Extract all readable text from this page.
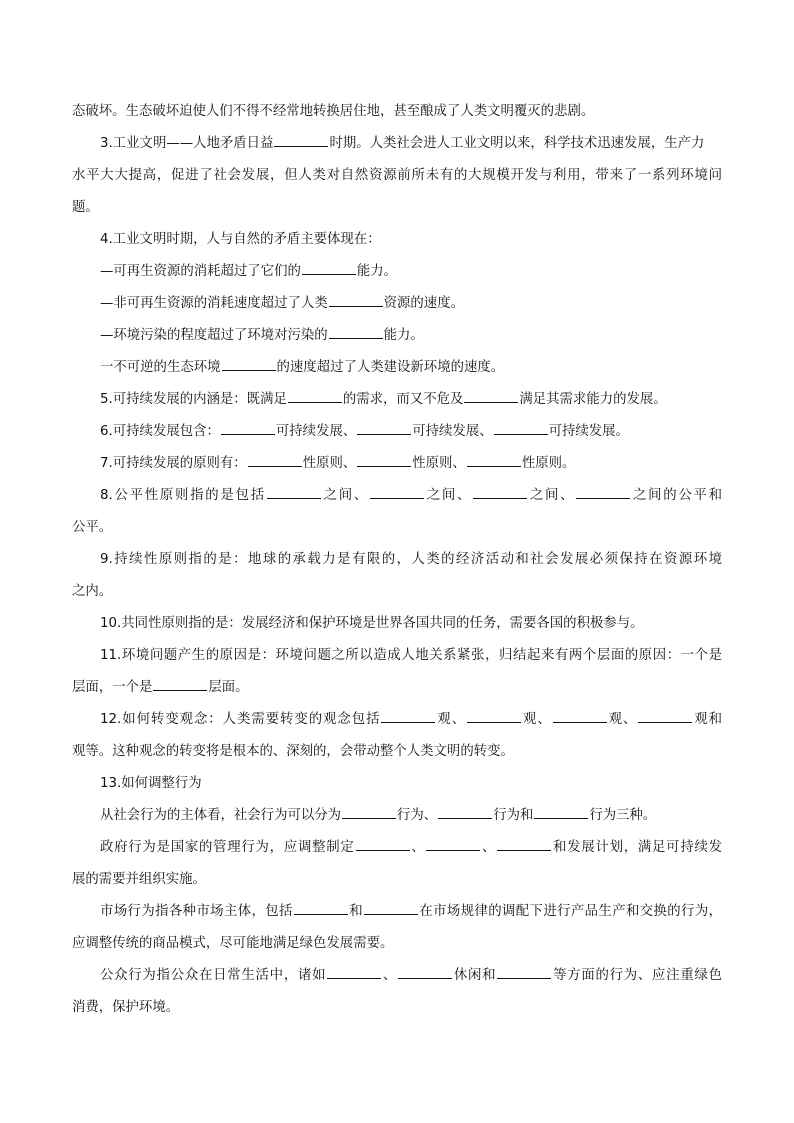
态破坏。生态破坏迫使人们不得不经常地转换居住地，甚至酿成了人类文明覆灭的悲剧。
3.工业文明——人地矛盾日益	时期。人类社会进人工业文明以来，科学技术迅速发展，生产力
水平大大提高，促进了社会发展，但人类对自然资源前所未有的大规模开发与利用，带来了一系列环境问
题。
4.工业文明时期，人与自然的矛盾主要体现在：
—可再生资源的消耗超过了它们的	能力。
—非可再生资源的消耗速度超过了人类	资源的速度。
—环境污染的程度超过了环境对污染的	能力。
一不可逆的生态环境	的速度超过了人类建设新环境的速度。
5.可持续发展的内涵是：既满足	的需求，而又不危及	满足其需求能力的发展。
6.可持续发展包含：	可持续发展、	可持续发展、	可持续发展。
7.可持续发展的原则有：	性原则、	性原则、	性原则。
8.公平性原则指的是包括	之间、	之间、	之间、	之间的公平和
公平。
9.持续性原则指的是：地球的承载力是有限的，人类的经济活动和社会发展必须保持在资源环境
之内。
10.共同性原则指的是：发展经济和保护环境是世界各国共同的任务，需要各国的积极参与。
11.环境问题产生的原因是：环境问题之所以造成人地关系紧张，归结起来有两个层面的原因：一个是
层面，一个是	层面。
12.如何转变观念：人类需要转变的观念包括	观、	观、	观、	观和
观等。这种观念的转变将是根本的、深刻的，会带动整个人类文明的转变。
13.如何调整行为
从社会行为的主体看，社会行为可以分为	行为、	行为和	行为三种。
政府行为是国家的管理行为，应调整制定	、	、	和发展计划，满足可持续发
展的需要并组织实施。
市场行为指各种市场主体，包括	和	在市场规律的调配下进行产品生产和交换的行为，
应调整传统的商品模式，尽可能地满足绿色发展需要。
公众行为指公众在日常生活中，诸如	、	休闲和	等方面的行为、应注重绿色
消费，保护环境。
